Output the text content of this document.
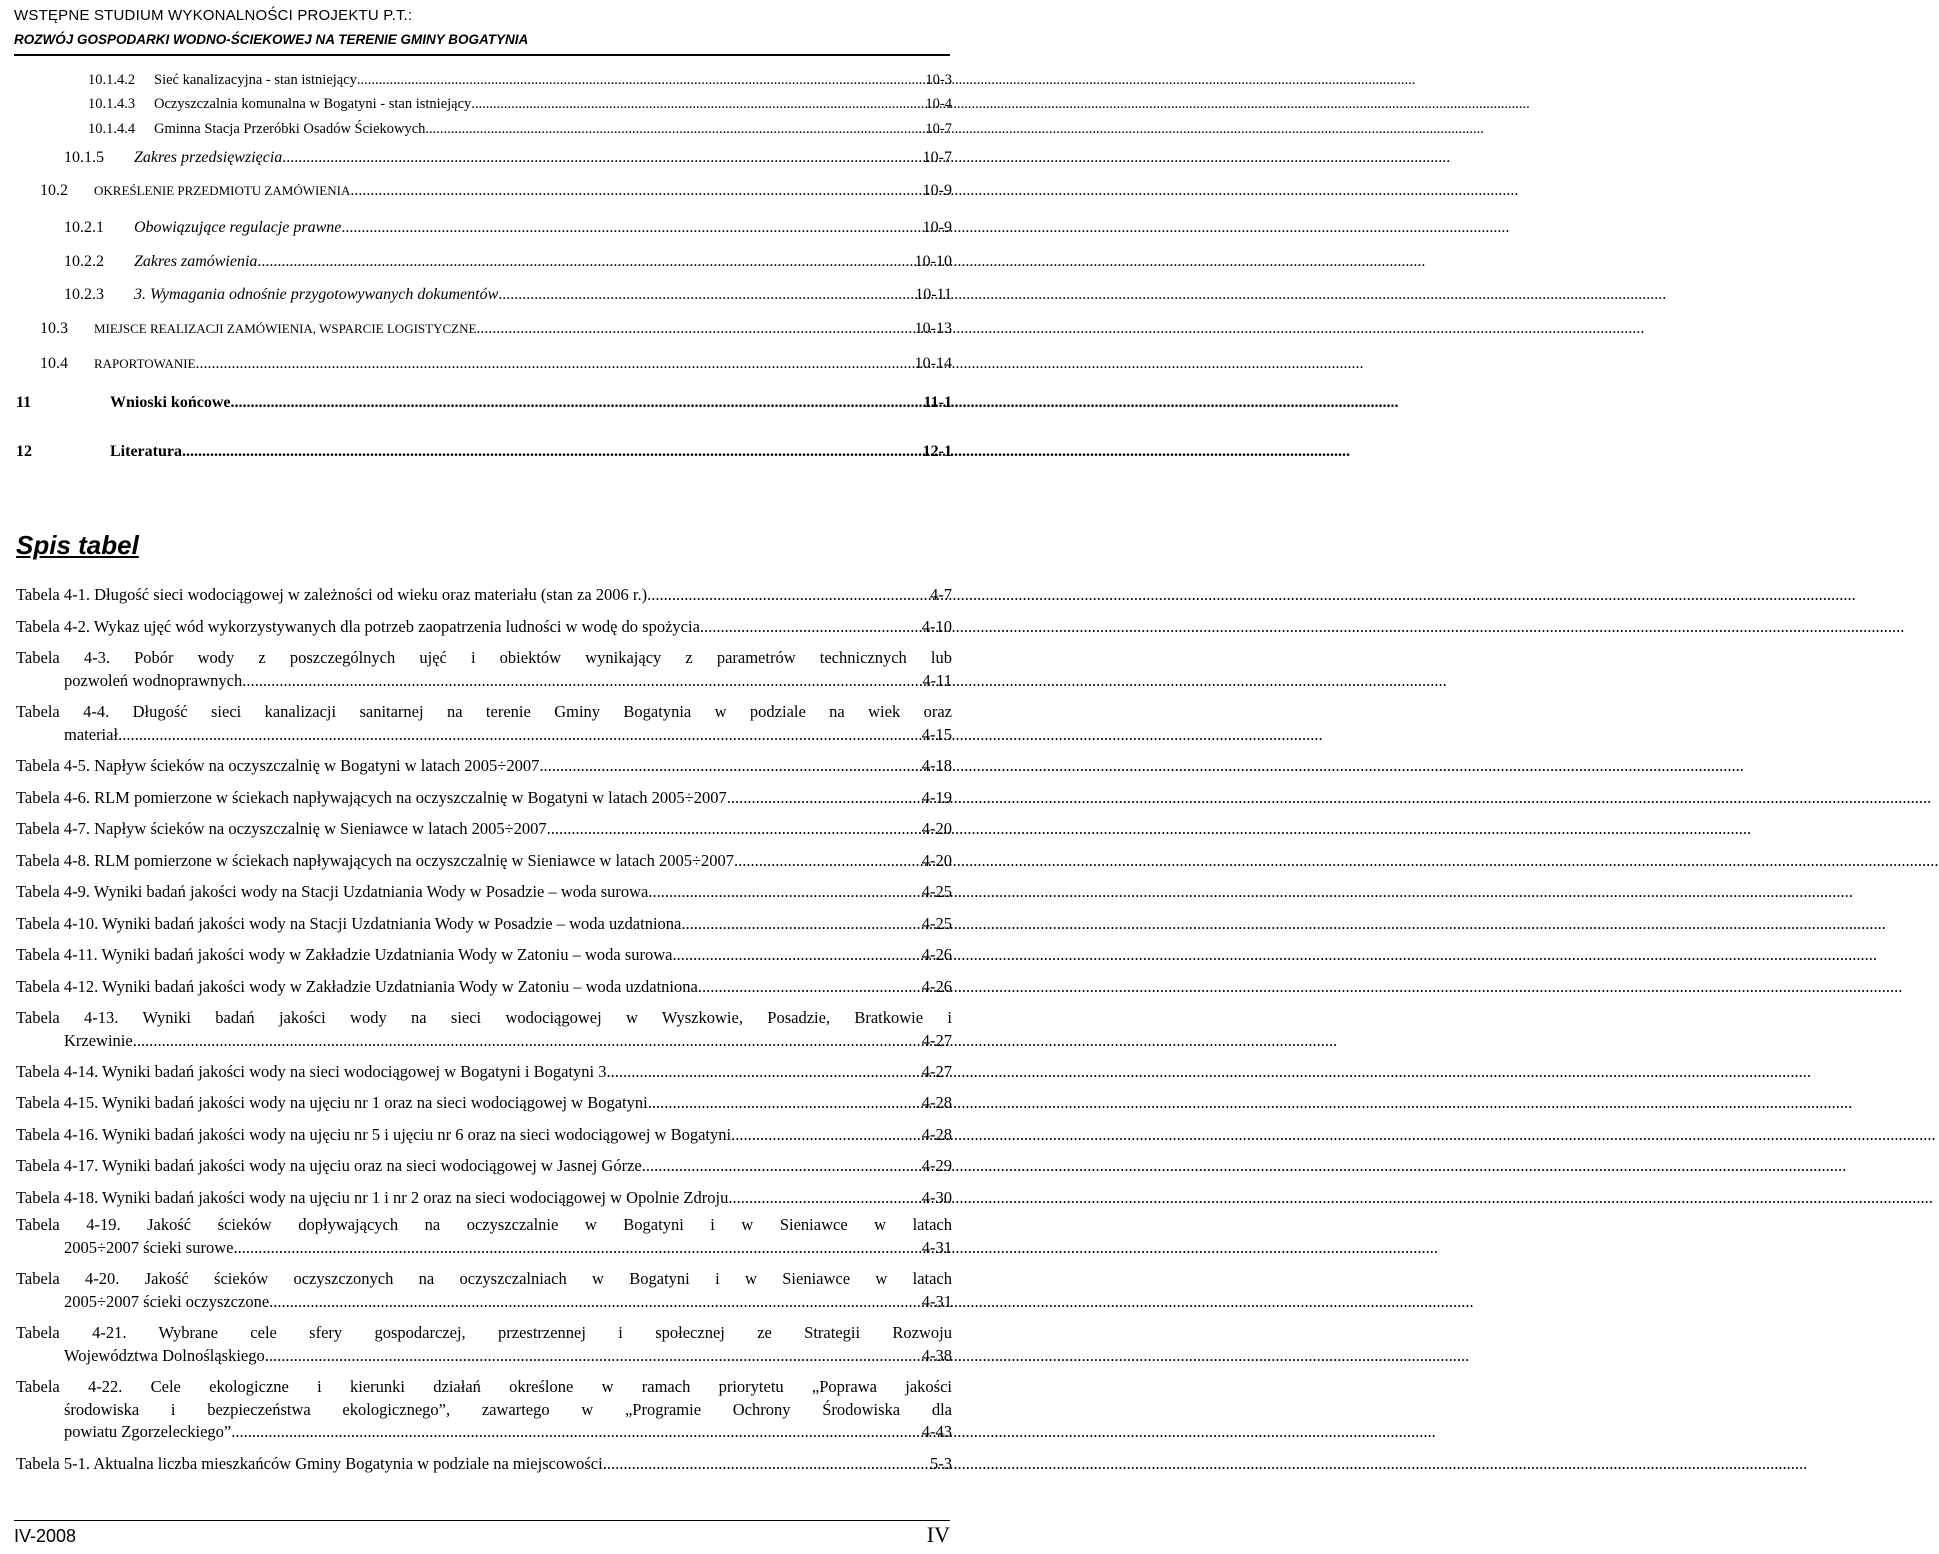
WSTĘPNE STUDIUM WYKONALNOŚCI PROJEKTU P.T.:
ROZWÓJ GOSPODARKI WODNO-ŚCIEKOWEJ NA TERENIE GMINY BOGATYNIA
10.1.4.2	Sieć kanalizacyjna - stan istniejący .....	10-3
10.1.4.3	Oczyszczalnia komunalna w Bogatyni - stan istniejący .....	10-4
10.1.4.4	Gminna Stacja Przeróbki Osadów Ściekowych .....	10-7
10.1.5	Zakres przedsięwzięcia .....	10-7
10.2	OKREŚLENIE PRZEDMIOTU ZAMÓWIENIA .....	10-9
10.2.1	Obowiązujące regulacje prawne .....	10-9
10.2.2	Zakres zamówienia .....	10-10
10.2.3	3. Wymagania odnośnie przygotowywanych dokumentów .....	10-11
10.3	MIEJSCE REALIZACJI ZAMÓWIENIA, WSPARCIE LOGISTYCZNE .....	10-13
10.4	RAPORTOWANIE .....	10-14
11	Wnioski końcowe .....	11-1
12	Literatura .....	12-1
Spis tabel
Tabela 4-1. Długość sieci wodociągowej w zależności od wieku oraz materiału (stan za 2006 r.). .....	4-7
Tabela 4-2. Wykaz ujęć wód wykorzystywanych dla potrzeb zaopatrzenia ludności w wodę do spożycia .....	4-10
Tabela 4-3. Pobór wody z poszczególnych ujęć i obiektów wynikający z parametrów technicznych lub
pozwoleń wodnoprawnych .....	4-11
Tabela 4-4. Długość sieci kanalizacji sanitarnej na terenie Gminy Bogatynia w podziale na wiek oraz
materiał .....	4-15
Tabela 4-5. Napływ ścieków na oczyszczalnię w Bogatyni w latach 2005÷2007 .....	4-18
Tabela 4-6. RLM pomierzone w ściekach napływających na oczyszczalnię w Bogatyni w latach 2005÷2007 .....	4-19
Tabela 4-7. Napływ ścieków na oczyszczalnię w Sieniawce w latach 2005÷2007 .....	4-20
Tabela 4-8. RLM pomierzone w ściekach napływających na oczyszczalnię w Sieniawce w latach 2005÷2007 .....	4-20
Tabela 4-9. Wyniki badań jakości wody na Stacji Uzdatniania Wody w Posadzie – woda surowa .....	4-25
Tabela 4-10. Wyniki badań jakości wody na Stacji Uzdatniania Wody w Posadzie – woda uzdatniona .....	4-25
Tabela 4-11. Wyniki badań jakości wody w Zakładzie Uzdatniania Wody w Zatoniu – woda surowa .....	4-26
Tabela 4-12. Wyniki badań jakości wody w Zakładzie Uzdatniania Wody w Zatoniu – woda uzdatniona .....	4-26
Tabela 4-13. Wyniki badań jakości wody na sieci wodociągowej w Wyszkowie, Posadzie, Bratkowie i
Krzewinie .....	4-27
Tabela 4-14. Wyniki badań jakości wody na sieci wodociągowej w Bogatyni i Bogatyni 3 .....	4-27
Tabela 4-15. Wyniki badań jakości wody na ujęciu nr 1 oraz na sieci wodociągowej w Bogatyni .....	4-28
Tabela 4-16. Wyniki badań jakości wody na ujęciu nr 5 i ujęciu nr 6 oraz na sieci wodociągowej w Bogatyni .....	4-28
Tabela 4-17. Wyniki badań jakości wody na ujęciu oraz na sieci wodociągowej w Jasnej Górze .....	4-29
Tabela 4-18. Wyniki badań jakości wody na ujęciu nr 1 i nr 2 oraz na sieci wodociągowej w Opolnie Zdroju .....	4-30
Tabela 4-19. Jakość ścieków dopływających na oczyszczalnie w Bogatyni i w Sieniawce w latach
2005÷2007 ścieki surowe .....	4-31
Tabela 4-20. Jakość ścieków oczyszczonych na oczyszczalniach w Bogatyni i w Sieniawce w latach
2005÷2007 ścieki oczyszczone .....	4-31
Tabela 4-21. Wybrane cele sfery gospodarczej, przestrzennej i społecznej ze Strategii Rozwoju
Województwa Dolnośląskiego .....	4-38
Tabela 4-22. Cele ekologiczne i kierunki działań określone w ramach priorytetu „Poprawa jakości
środowiska i bezpieczeństwa ekologicznego”, zawartego w „Programie Ochrony Środowiska dla
powiatu Zgorzeleckiego” .....	4-43
Tabela 5-1. Aktualna liczba mieszkańców Gminy Bogatynia w podziale na miejscowości .....	5-3
IV-2008	IV
